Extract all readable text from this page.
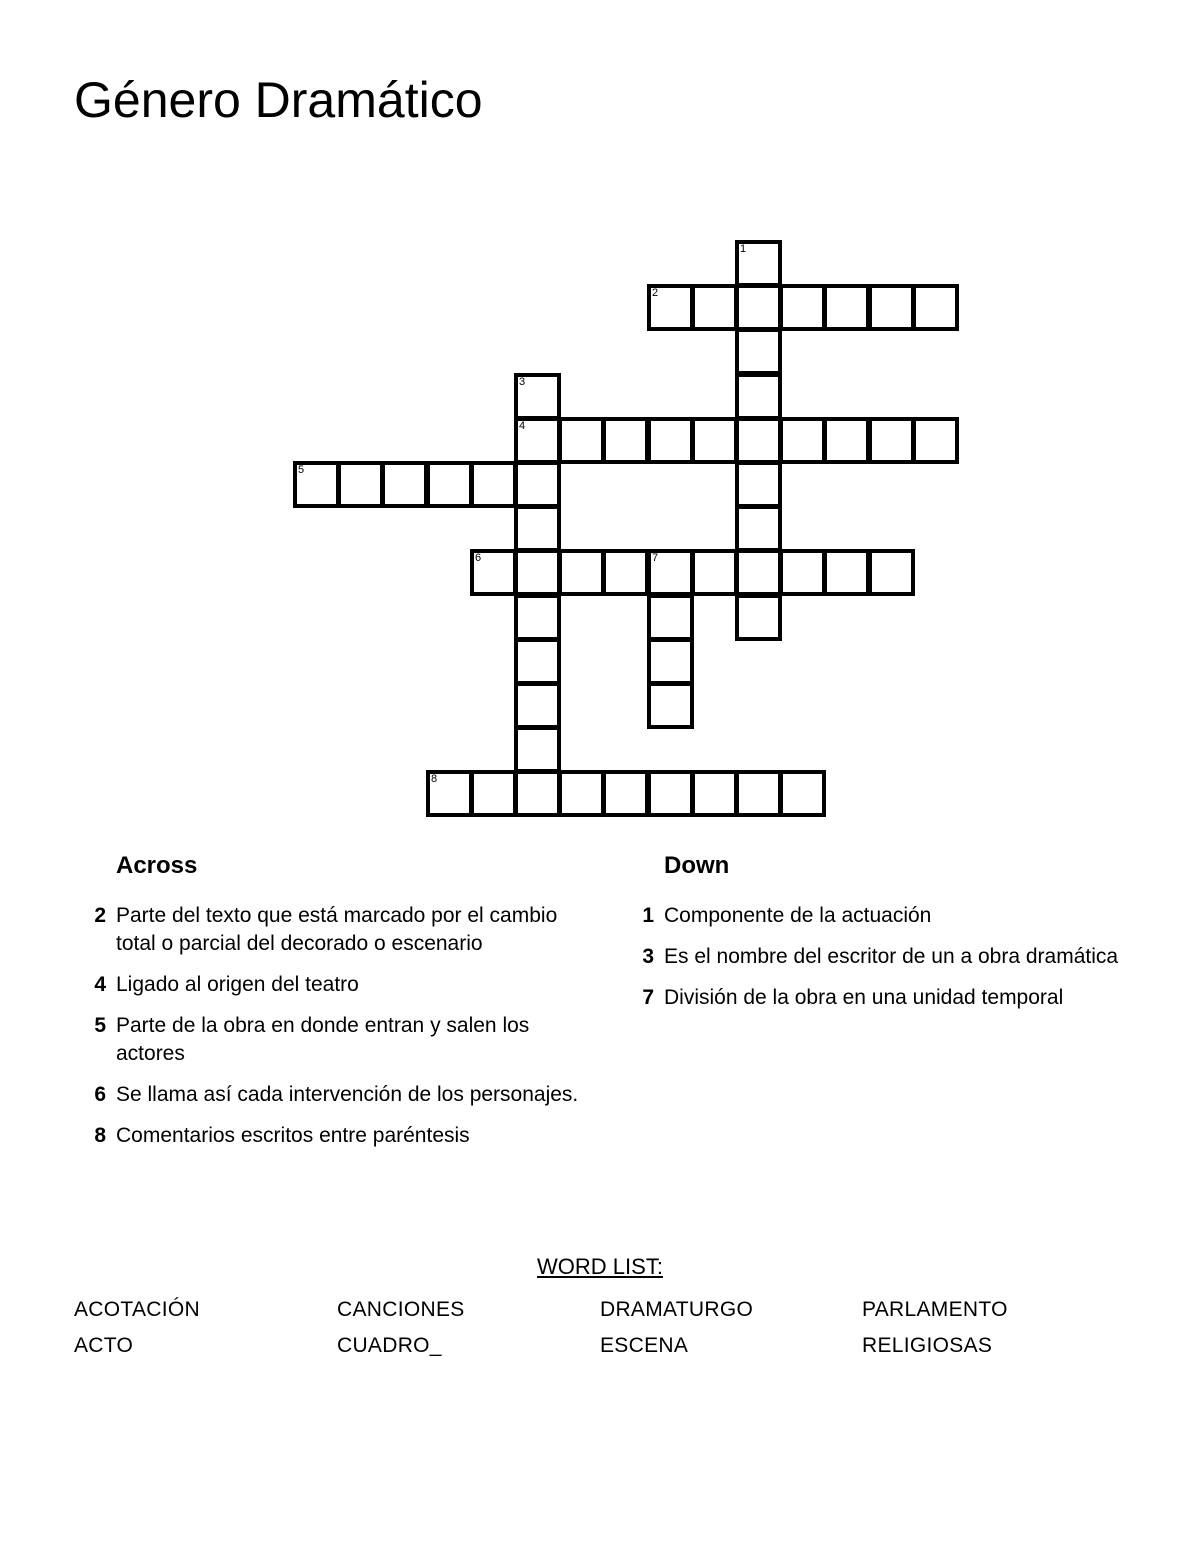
Género Dramático
1
2
3
4
5
6	7
8
Across
2 Parte del texto que está marcado por el cambio total o parcial del decorado o escenario
4 Ligado al origen del teatro
5 Parte de la obra en donde entran y salen los actores
6 Se llama así cada intervención de los personajes.
8 Comentarios escritos entre paréntesis
Down
1 Componente de la actuación
3 Es el nombre del escritor de un a obra dramática
7 División de la obra en una unidad temporal
WORD LIST:
ACOTACIÓN
ACTO
CANCIONES
CUADRO_
DRAMATURGO
ESCENA
PARLAMENTO
RELIGIOSAS
